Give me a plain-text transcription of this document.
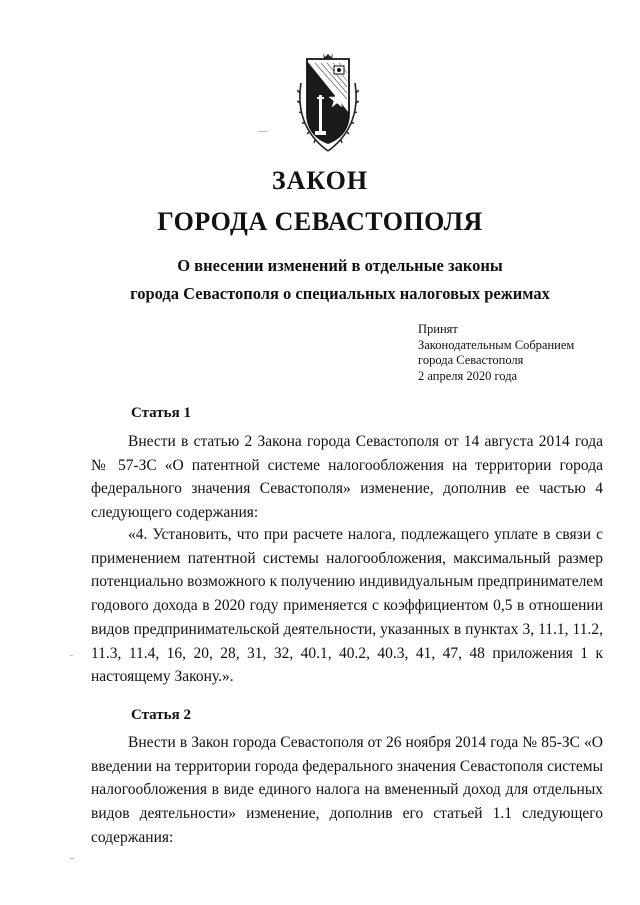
ЗАКОН
ГОРОДА СЕВАСТОПОЛЯ
О внесении изменений в отдельные законы
города Севастополя о специальных налоговых режимах
Принят
Законодательным Собранием
города Севастополя
2 апреля 2020 года
Статья 1
Внести в статью 2 Закона города Севастополя от 14 августа 2014 года № 57-ЗС «О патентной системе налогообложения на территории города федерального значения Севастополя» изменение, дополнив ее частью 4 следующего содержания:
«4. Установить, что при расчете налога, подлежащего уплате в связи с применением патентной системы налогообложения, максимальный размер потенциально возможного к получению индивидуальным предпринимателем годового дохода в 2020 году применяется с коэффициентом 0,5 в отношении видов предпринимательской деятельности, указанных в пунктах 3, 11.1, 11.2, 11.3, 11.4, 16, 20, 28, 31, 32, 40.1, 40.2, 40.3, 41, 47, 48 приложения 1 к настоящему Закону.».
Статья 2
Внести в Закон города Севастополя от 26 ноября 2014 года № 85-ЗС «О введении на территории города федерального значения Севастополя системы налогообложения в виде единого налога на вмененный доход для отдельных видов деятельности» изменение, дополнив его статьей 1.1 следующего содержания:
